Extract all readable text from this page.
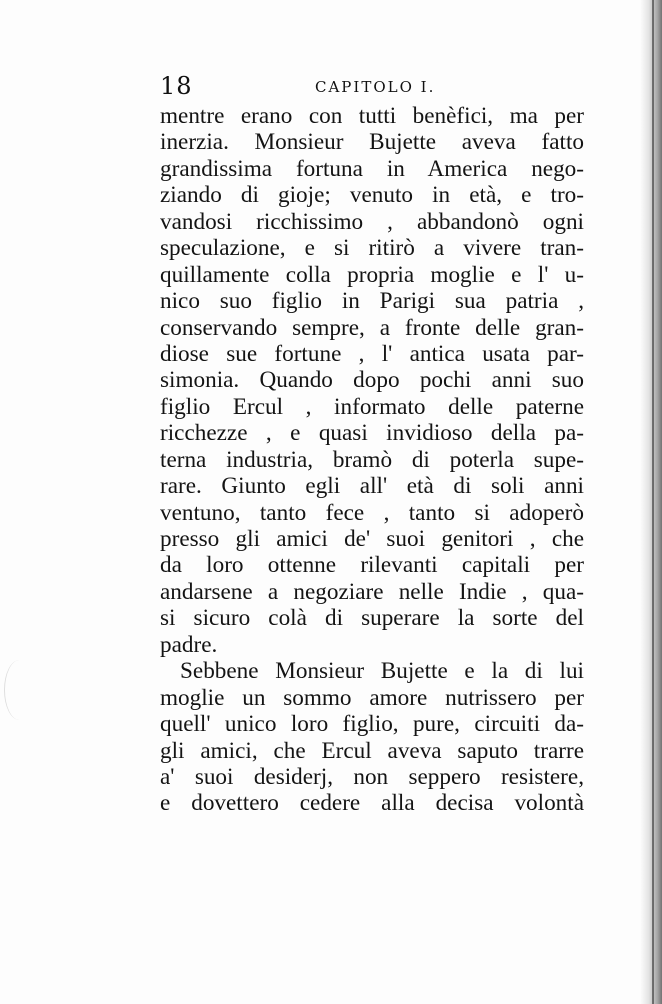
18	CAPITOLO I.
mentre erano con tutti benèfici, ma per
inerzia. Monsieur Bujette aveva fatto
grandissima fortuna in America nego-
ziando di gioje; venuto in età, e tro-
vandosi ricchissimo , abbandonò ogni
speculazione, e si ritirò a vivere tran-
quillamente colla propria moglie e l' u-
nico suo figlio in Parigi sua patria ,
conservando sempre, a fronte delle gran-
diose sue fortune , l' antica usata par-
simonia. Quando dopo pochi anni suo
figlio Ercul , informato delle paterne
ricchezze , e quasi invidioso della pa-
terna industria, bramò di poterla supe-
rare. Giunto egli all' età di soli anni
ventuno, tanto fece , tanto si adoperò
presso gli amici de' suoi genitori , che
da loro ottenne rilevanti capitali per
andarsene a negoziare nelle Indie , qua-
si sicuro colà di superare la sorte del
padre.
Sebbene Monsieur Bujette e la di lui
moglie un sommo amore nutrissero per
quell' unico loro figlio, pure, circuiti da-
gli amici, che Ercul aveva saputo trarre
a' suoi desiderj, non seppero resistere,
e dovettero cedere alla decisa volontà
